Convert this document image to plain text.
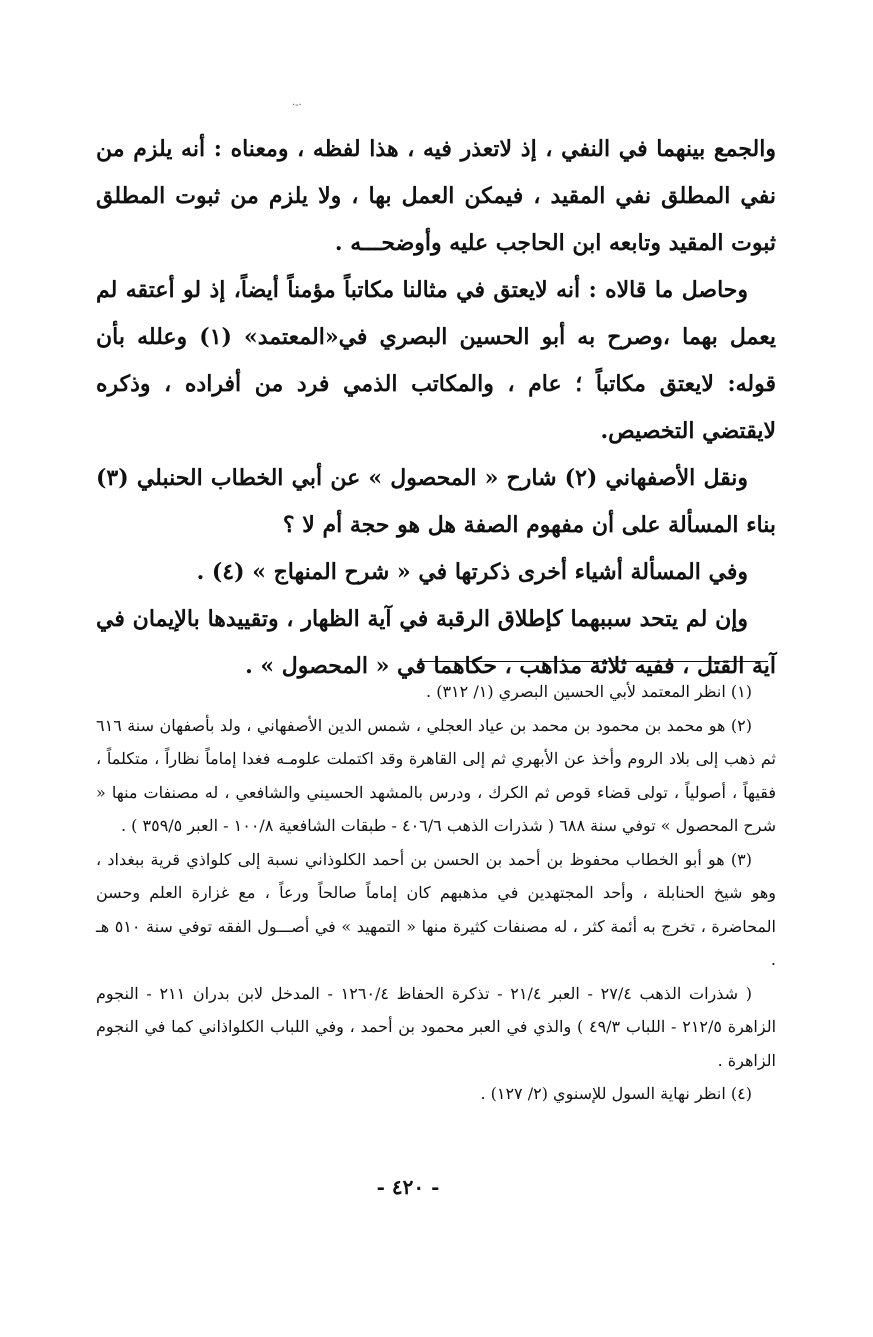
·-·

والجمع بينهما في النفي ، إذ لاتعذر فيه ، هذا لفظه ، ومعناه : أنه يلزم من نفي المطلق نفي المقيد ، فيمكن العمل بها ، ولا يلزم من ثبوت المطلق ثبوت المقيد وتابعه ابن الحاجب عليه وأوضحـــه .

وحاصل ما قالاه : أنه لايعتق في مثالنا مكاتباً مؤمناً أيضاً، إذ لو أعتقه لم يعمل بهما ،وصرح به أبو الحسين البصري في«المعتمد» (١) وعلله بأن قوله: لايعتق مكاتباً ؛ عام ، والمكاتب الذمي فرد من أفراده ، وذكره لايقتضي التخصيص.

ونقل الأصفهاني (٢) شارح « المحصول » عن أبي الخطاب الحنبلي (٣) بناء المسألة على أن مفهوم الصفة هل هو حجة أم لا ؟

وفي المسألة أشياء أخرى ذكرتها في « شرح المنهاج » (٤) .

وإن لم يتحد سببهما كإطلاق الرقبة في آية الظهار ، وتقييدها بالإيمان في آية القتل ، ففيه ثلاثة مذاهب ، حكاهما في « المحصول » .

(١) انظر المعتمد لأبي الحسين البصري (١/ ٣١٢) .

(٢) هو محمد بن محمود بن محمد بن عياد العجلي ، شمس الدين الأصفهاني ، ولد بأصفهان سنة ٦١٦ ثم ذهب إلى بلاد الروم وأخذ عن الأبهري ثم إلى القاهرة وقد اكتملت علومـه فغدا إماماً نظاراً ، متكلماً ، فقيهاً ، أصولياً ، تولى قضاء قوص ثم الكرك ، ودرس بالمشهد الحسيني والشافعي ، له مصنفات منها « شرح المحصول » توفي سنة ٦٨٨ ( شذرات الذهب ٤٠٦/٦ - طبقات الشافعية ١٠٠/٨ - العبر ٣٥٩/٥ ) .

(٣) هو أبو الخطاب محفوظ بن أحمد بن الحسن بن أحمد الكلوذاني نسبة إلى كلواذي قرية ببغداد ، وهو شيخ الحنابلة ، وأحد المجتهدين في مذهبهم كان إماماً صالحاً ورعاً ، مع غزارة العلم وحسن المحاضرة ، تخرج به أئمة كثر ، له مصنفات كثيرة منها « التمهيد » في أصـــول الفقه توفي سنة ٥١٠ هـ .

( شذرات الذهب ٢٧/٤ - العبر ٢١/٤ - تذكرة الحفاظ ١٢٦٠/٤ - المدخل لابن بدران ٢١١ - النجوم الزاهرة ٢١٢/٥ - اللباب ٤٩/٣ ) والذي في العبر محمود بن أحمد ، وفي اللباب الكلواذاني كما في النجوم الزاهرة .

(٤) انظر نهاية السول للإسنوي (٢/ ١٢٧) .

- ٤٢٠ -
